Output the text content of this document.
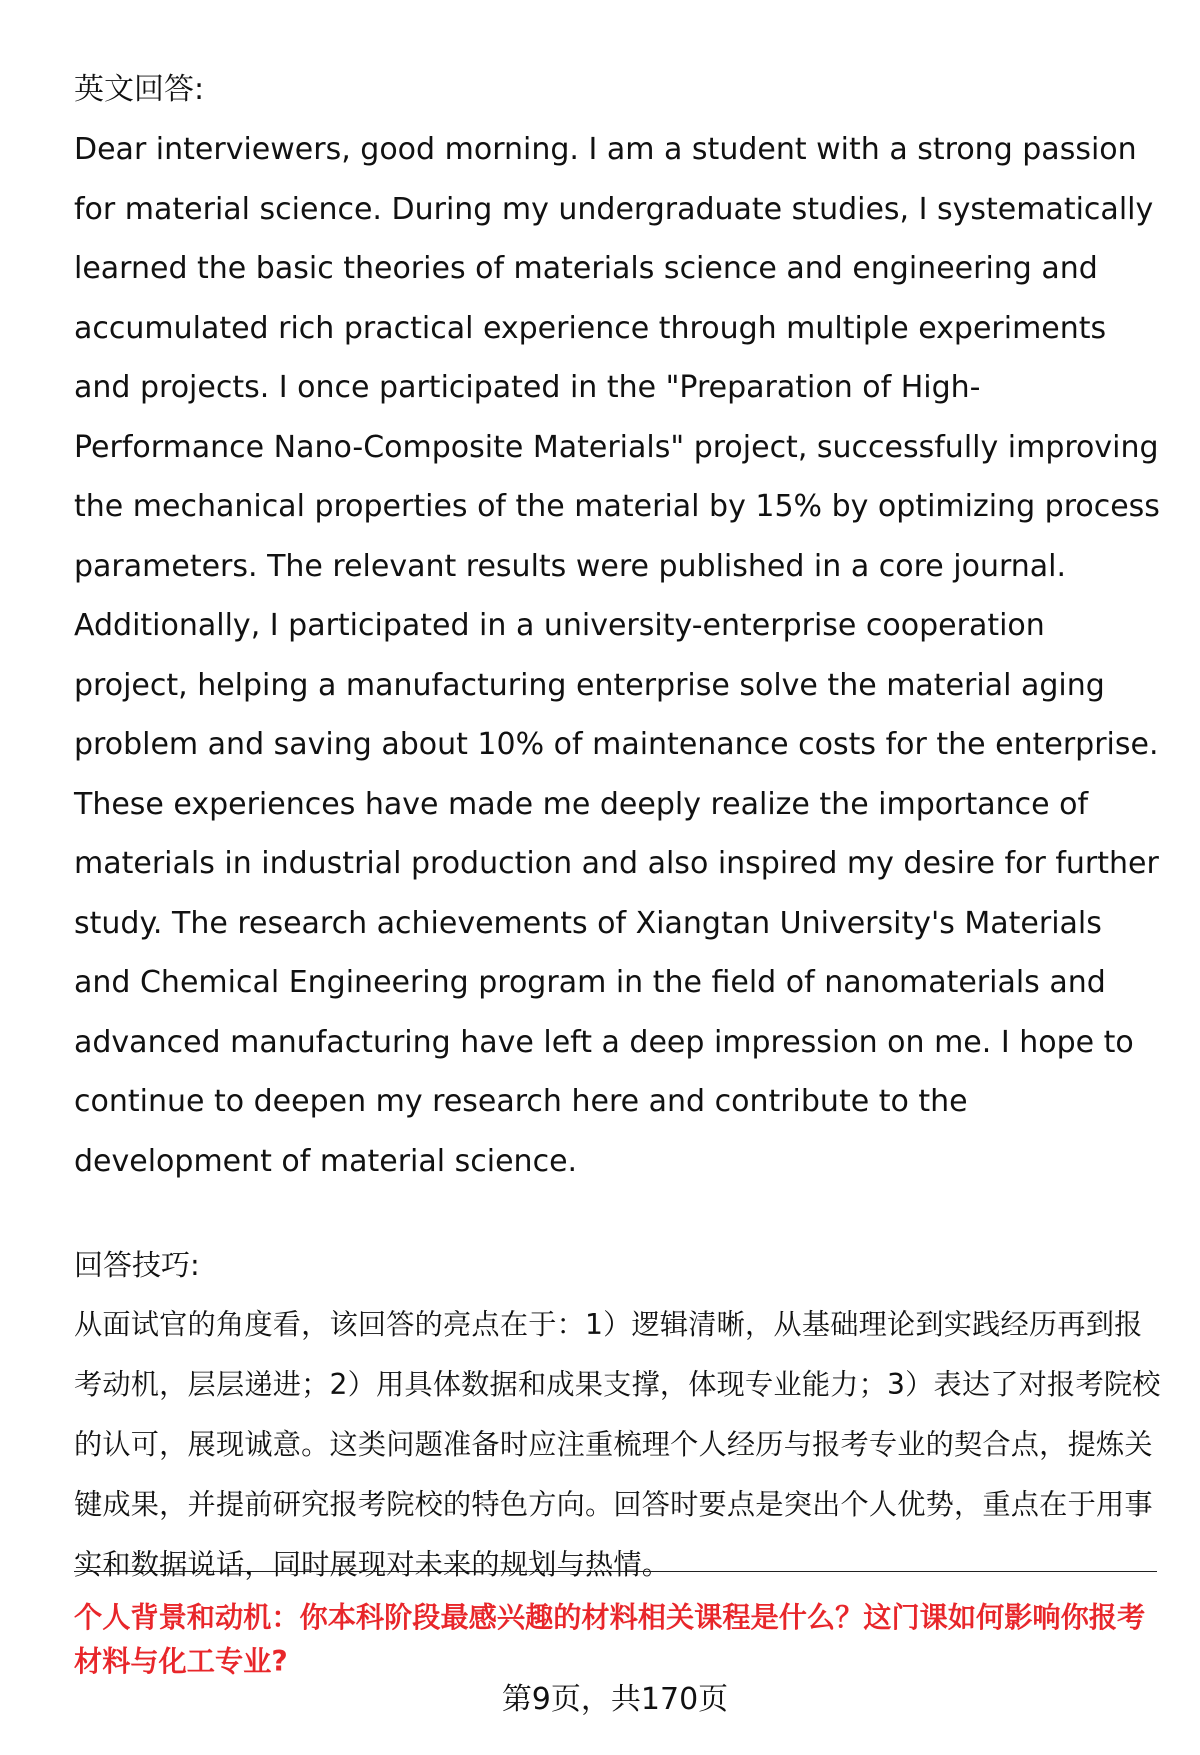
英文回答:

Dear interviewers, good morning. I am a student with a strong passion for material science. During my undergraduate studies, I systematically learned the basic theories of materials science and engineering and accumulated rich practical experience through multiple experiments and projects. I once participated in the "Preparation of High-Performance Nano-Composite Materials" project, successfully improving the mechanical properties of the material by 15% by optimizing process parameters. The relevant results were published in a core journal. Additionally, I participated in a university-enterprise cooperation project, helping a manufacturing enterprise solve the material aging problem and saving about 10% of maintenance costs for the enterprise. These experiences have made me deeply realize the importance of materials in industrial production and also inspired my desire for further study. The research achievements of Xiangtan University's Materials and Chemical Engineering program in the field of nanomaterials and advanced manufacturing have left a deep impression on me. I hope to continue to deepen my research here and contribute to the development of material science.

回答技巧:

从面试官的角度看，该回答的亮点在于：1）逻辑清晰，从基础理论到实践经历再到报考动机，层层递进；2）用具体数据和成果支撑，体现专业能力；3）表达了对报考院校的认可，展现诚意。这类问题准备时应注重梳理个人经历与报考专业的契合点，提炼关键成果，并提前研究报考院校的特色方向。回答时要点是突出个人优势，重点在于用事实和数据说话，同时展现对未来的规划与热情。

个人背景和动机：你本科阶段最感兴趣的材料相关课程是什么？这门课如何影响你报考材料与化工专业?

第9页，共170页
